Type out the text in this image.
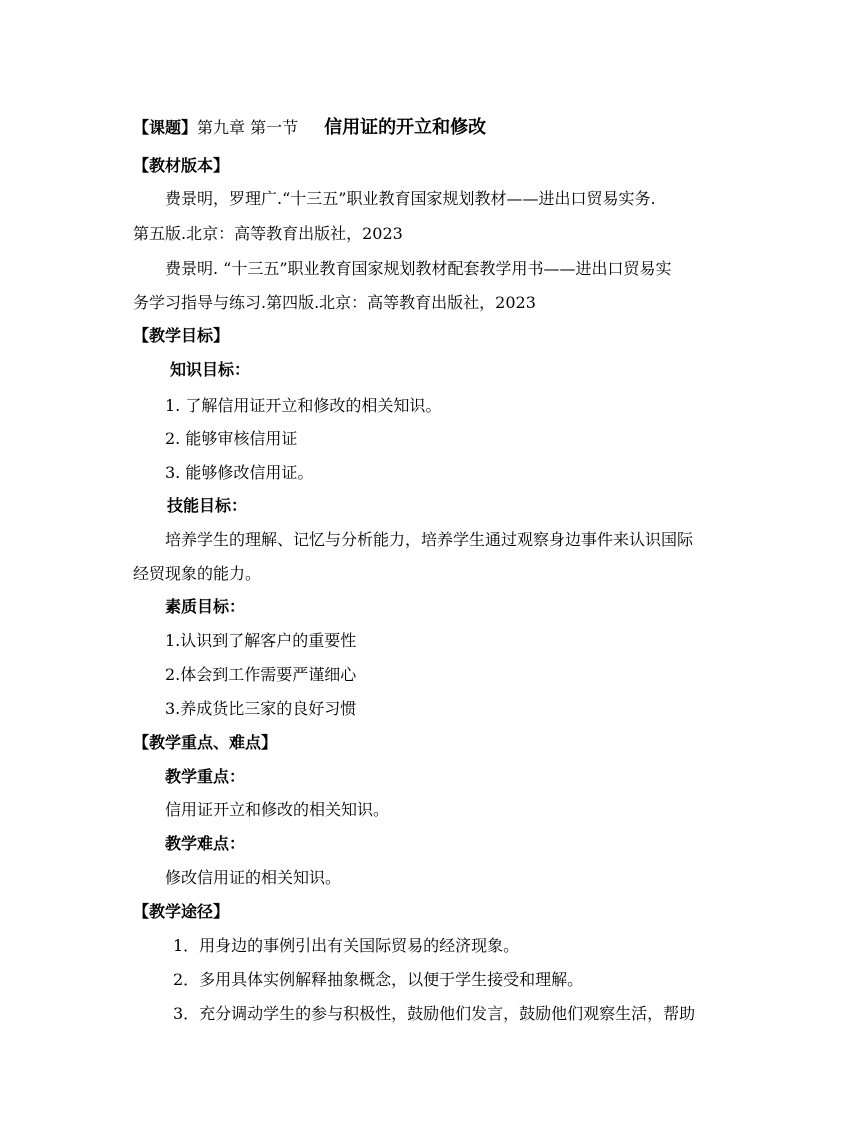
【课题】第九章 第一节 信用证的开立和修改
【教材版本】
费景明，罗理广.“十三五”职业教育国家规划教材——进出口贸易实务.
第五版.北京：高等教育出版社，2023
费景明. “十三五”职业教育国家规划教材配套教学用书——进出口贸易实
务学习指导与练习.第四版.北京：高等教育出版社，2023
【教学目标】
知识目标：
1. 了解信用证开立和修改的相关知识。
2. 能够审核信用证
3. 能够修改信用证。
技能目标：
培养学生的理解、记忆与分析能力，培养学生通过观察身边事件来认识国际
经贸现象的能力。
素质目标：
1.认识到了解客户的重要性
2.体会到工作需要严谨细心
3.养成货比三家的良好习惯
【教学重点、难点】
教学重点：
信用证开立和修改的相关知识。
教学难点：
修改信用证的相关知识。
【教学途径】
1．用身边的事例引出有关国际贸易的经济现象。
2．多用具体实例解释抽象概念，以便于学生接受和理解。
3．充分调动学生的参与积极性，鼓励他们发言，鼓励他们观察生活，帮助
